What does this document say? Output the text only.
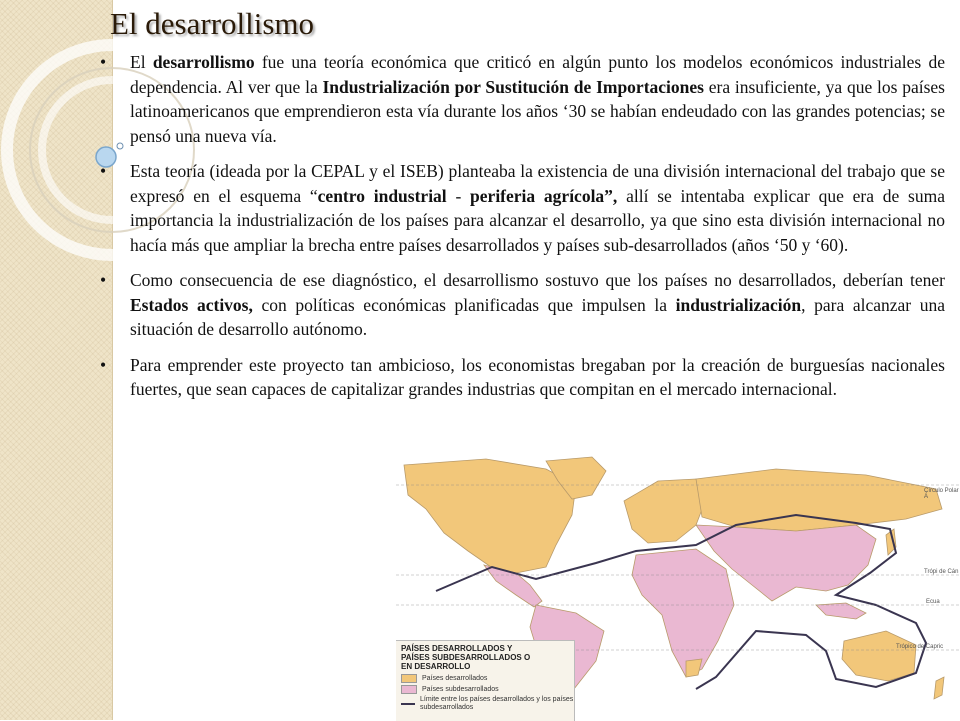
El desarrollismo
• El desarrollismo fue una teoría económica que criticó en algún punto los modelos económicos industriales de dependencia. Al ver que la Industrialización por Sustitución de Importaciones era insuficiente, ya que los países latinoamericanos que emprendieron esta vía durante los años ‘30 se habían endeudado con las grandes potencias; se pensó una nueva vía.
• Esta teoría (ideada por la CEPAL y el ISEB) planteaba la existencia de una división internacional del trabajo que se expresó en el esquema “centro industrial - periferia agrícola”, allí se intentaba explicar que era de suma importancia la industrialización de los países para alcanzar el desarrollo, ya que sino esta división internacional no hacía más que ampliar la brecha entre países desarrollados y países sub-desarrollados (años ‘50 y ‘60).
• Como consecuencia de ese diagnóstico, el desarrollismo sostuvo que los países no desarrollados, deberían tener Estados activos, con políticas económicas planificadas que impulsen la industrialización, para alcanzar una situación de desarrollo autónomo.
• Para emprender este proyecto tan ambicioso, los economistas bregaban por la creación de burguesías nacionales fuertes, que sean capaces de capitalizar grandes industrias que compitan en el mercado internacional.
Círculo Polar Á
Trópi de Cán
Ecua
Trópico de Capric
PAÍSES DESARROLLADOS Y PAÍSES SUBDESARROLLADOS O EN DESARROLLO
Países desarrollados
Países subdesarrollados
Límite entre los países desarrollados y los países subdesarrollados
